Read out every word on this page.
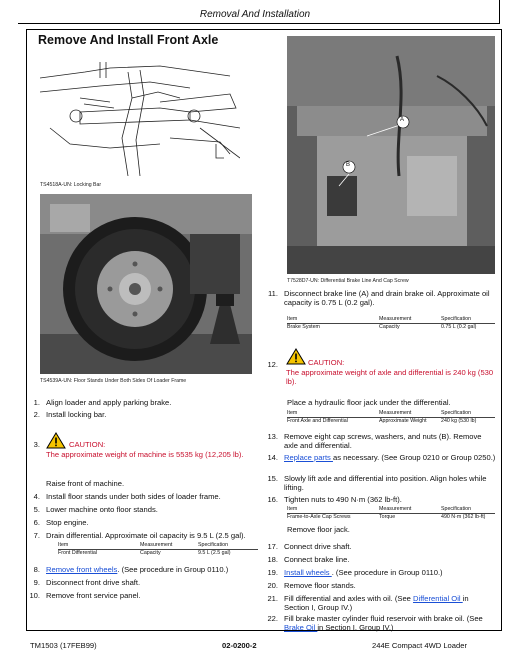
Removal And Installation
Remove And Install Front Axle
TS4518A-UN: Locking Bar
TS4539A-UN: Floor Stands Under Both Sides Of Loader Frame
A
B
T7528D7-UN: Differential Brake Line And Cap Screw
1. Align loader and apply parking brake.
2. Install locking bar.
3.	CAUTION:
The approximate weight of machine is 5535 kg (12,205 lb).
Raise front of machine.
4. Install floor stands under both sides of loader frame.
5. Lower machine onto floor stands.
6. Stop engine.
7. Drain differential. Approximate oil capacity is 9.5 L (2.5 gal).
Item	Measurement	Specification
Front Differential	Capacity	9.5 L (2.5 gal)
8. Remove front wheels. (See procedure in Group 0110.)
9. Disconnect front drive shaft.
10. Remove front service panel.
11. Disconnect brake line (A) and drain brake oil. Approximate oil capacity is 0.75 L (0.2 gal).
Item	Measurement	Specification
Brake System	Capacity	0.75 L (0.2 gal)
12.	CAUTION:
The approximate weight of axle and differential is 240 kg (530 lb).
Place a hydraulic floor jack under the differential.
Item	Measurement	Specification
Front Axle and Differential	Approximate Weight	240 kg (530 lb)
13. Remove eight cap screws, washers, and nuts (B). Remove axle and differential.
14. Replace parts as necessary. (See Group 0210 or Group 0250.)
15. Slowly lift axle and differential into position. Align holes while lifting.
16. Tighten nuts to 490 N·m (362 lb-ft).
Item	Measurement	Specification
Frame-to-Axle Cap Screws	Torque	490 N·m (362 lb-ft)
Remove floor jack.
17. Connect drive shaft.
18. Connect brake line.
19. Install wheels . (See procedure in Group 0110.)
20. Remove floor stands.
21. Fill differential and axles with oil. (See Differential Oil in Section I, Group IV.)
22. Fill brake master cylinder fluid reservoir with brake oil. (See Brake Oil in Section I, Group IV.)
TM1503 (17FEB99)	02-0200-2	244E Compact 4WD Loader
